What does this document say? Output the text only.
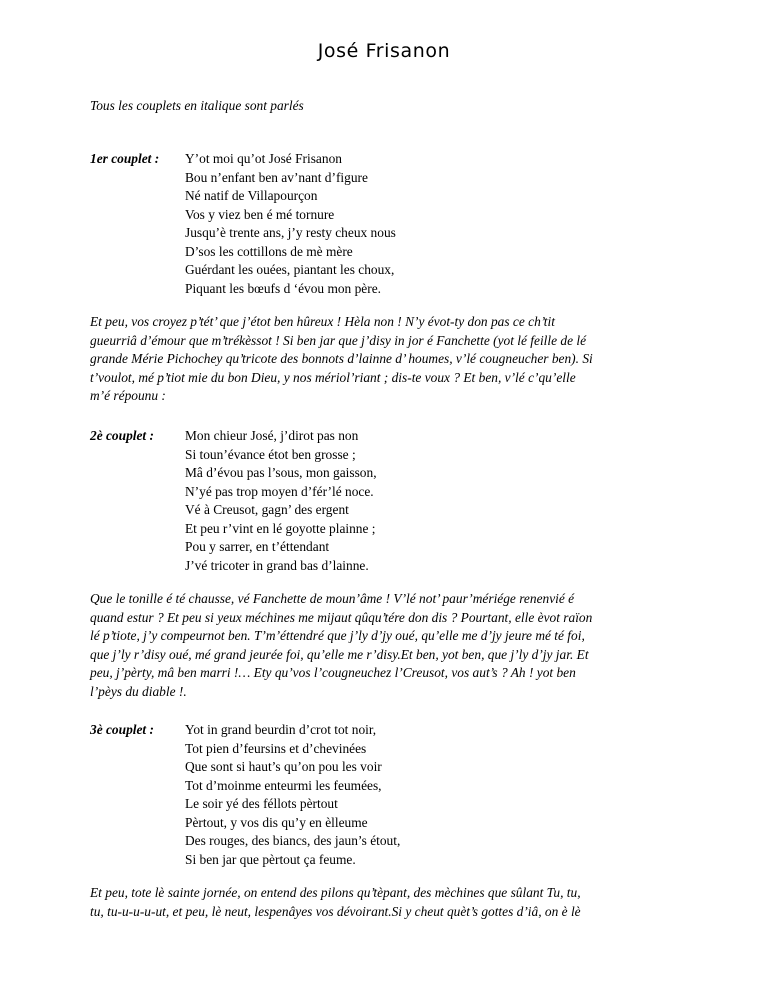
José Frisanon

Tous les couplets en italique sont parlés

1er couplet : Y’ot moi qu’ot José Frisanon
Bou n’enfant ben av’nant d’figure
Né natif de Villapourçon
Vos y viez ben é mé tornure
Jusqu’è trente ans, j’y resty cheux nous
D’sos les cottillons de mè mère
Guérdant les ouées, piantant les choux,
Piquant les bœufs d ‘évou mon père.
Et peu, vos croyez p’tét’ que j’étot ben hûreux ! Hèla non ! N’y évot-ty don pas ce ch’tit
gueurriâ d’émour que m’trékèssot ! Si ben jar que j’disy in jor é Fanchette (yot lé feille de lé
grande Mérie Pichochey qu’tricote des bonnots d’lainne d’ houmes, v’lé cougneucher ben). Si
t’voulot, mé p’tiot mie du bon Dieu, y nos mériol’riant ; dis-te voux ? Et ben, v’lé c’qu’elle
m’é répounu :
2è couplet : Mon chieur José, j’dirot pas non
Si toun’évance étot ben grosse ;
Mâ d’évou pas l’sous, mon gaisson,
N’yé pas trop moyen d’fér’lé noce.
Vé à Creusot, gagn’ des ergent
Et peu r’vint en lé goyotte plainne ;
Pou y sarrer, en t’éttendant
J’vé tricoter in grand bas d’lainne.
Que le tonille é té chausse, vé Fanchette de moun’âme ! V’lé not’ paur’mériége renenvié é
quand estur ? Et peu si yeux méchines me mijaut qûqu’tére don dis ? Pourtant, elle èvot raïon
lé p’tiote, j’y compeurnot ben. T’m’éttendré que j’ly d’jy oué, qu’elle me d’jy jeure mé té foi,
que j’ly r’disy oué, mé grand jeurée foi, qu’elle me r’disy.Et ben, yot ben, que j’ly d’jy jar. Et
peu, j’pèrty, mâ ben marri !… Ety qu’vos l’cougneuchez l’Creusot, vos aut’s ? Ah ! yot ben
l’pèys du diable !.
3è couplet : Yot in grand beurdin d’crot tot noir,
Tot pien d’feursins et d’chevinées
Que sont si haut’s qu’on pou les voir
Tot d’moinme enteurmi les feumées,
Le soir yé des féllots pèrtout
Pèrtout, y vos dis qu’y en èlleume
Des rouges, des biancs, des jaun’s étout,
Si ben jar que pèrtout ça feume.
Et peu, tote lè sainte jornée, on entend des pilons qu’tèpant, des mèchines que sûlant Tu, tu,
tu, tu-u-u-u-ut, et peu, lè neut, lespenâyes vos dévoirant.Si y cheut quèt’s gottes d’iâ, on è lè
